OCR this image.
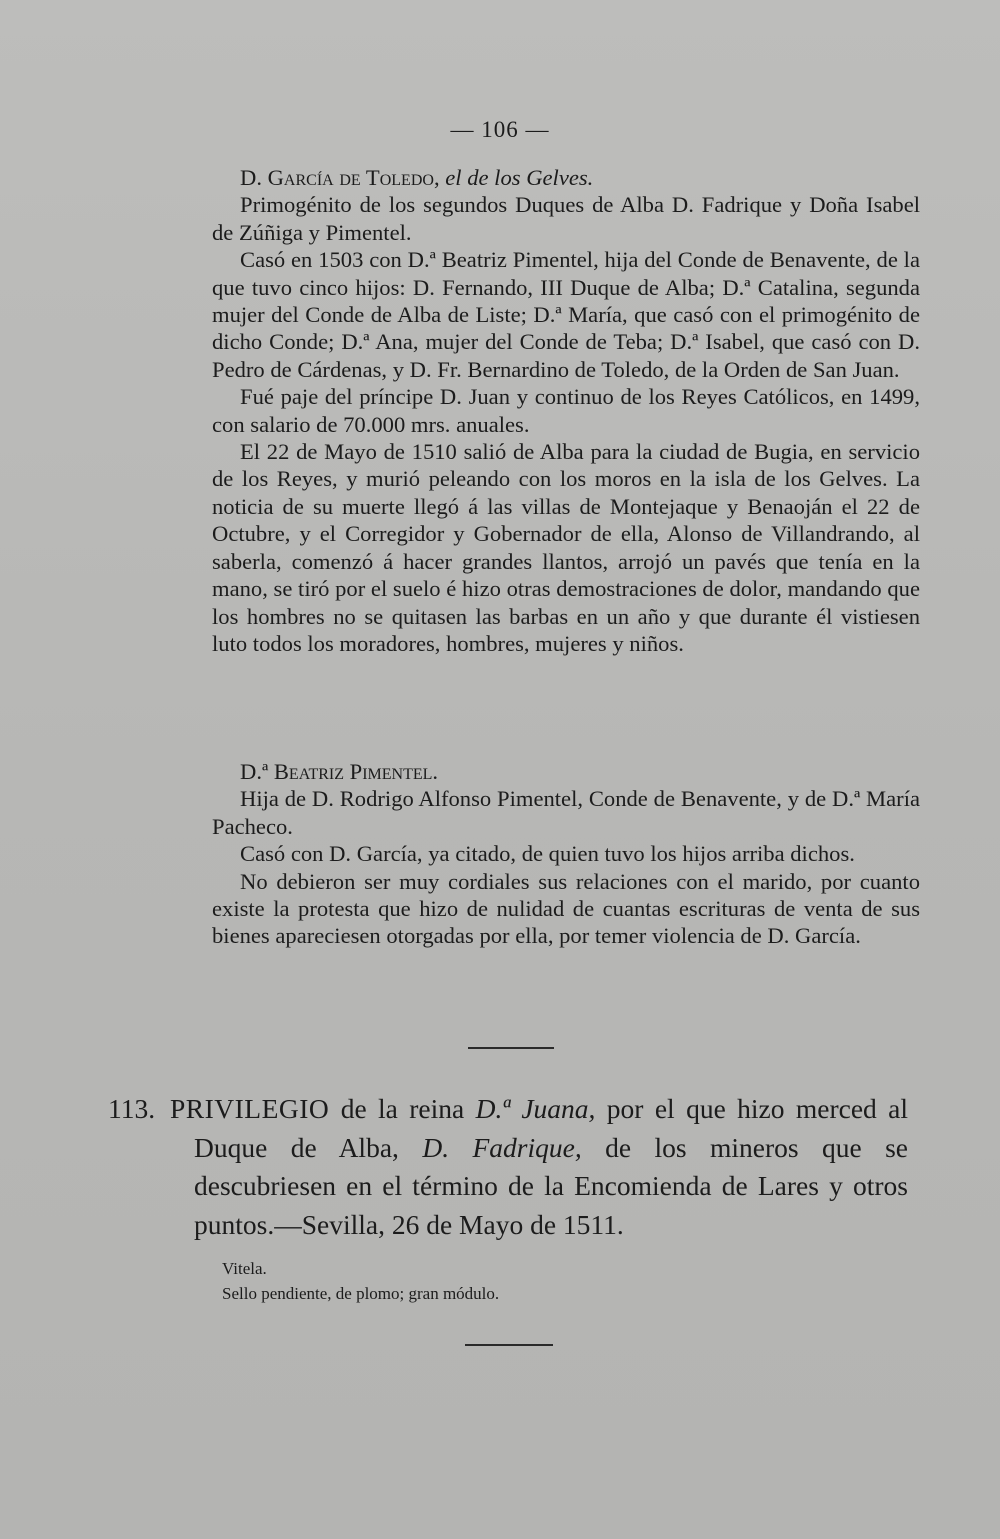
— 106 —

D. García de Toledo, el de los Gelves.

Primogénito de los segundos Duques de Alba D. Fadrique y Doña Isabel de Zúñiga y Pimentel.

Casó en 1503 con D.ª Beatriz Pimentel, hija del Conde de Benavente, de la que tuvo cinco hijos: D. Fernando, III Duque de Alba; D.ª Catalina, segunda mujer del Conde de Alba de Liste; D.ª María, que casó con el primogénito de dicho Conde; D.ª Ana, mujer del Conde de Teba; D.ª Isabel, que casó con D. Pedro de Cárdenas, y D. Fr. Bernardino de Toledo, de la Orden de San Juan.

Fué paje del príncipe D. Juan y continuo de los Reyes Católicos, en 1499, con salario de 70.000 mrs. anuales.

El 22 de Mayo de 1510 salió de Alba para la ciudad de Bugia, en servicio de los Reyes, y murió peleando con los moros en la isla de los Gelves. La noticia de su muerte llegó á las villas de Montejaque y Benaoján el 22 de Octubre, y el Corregidor y Gobernador de ella, Alonso de Villandrando, al saberla, comenzó á hacer grandes llantos, arrojó un pavés que tenía en la mano, se tiró por el suelo é hizo otras demostraciones de dolor, mandando que los hombres no se quitasen las barbas en un año y que durante él vistiesen luto todos los moradores, hombres, mujeres y niños.

D.ª Beatriz Pimentel.

Hija de D. Rodrigo Alfonso Pimentel, Conde de Benavente, y de D.ª María Pacheco.

Casó con D. García, ya citado, de quien tuvo los hijos arriba dichos.

No debieron ser muy cordiales sus relaciones con el marido, por cuanto existe la protesta que hizo de nulidad de cuantas escrituras de venta de sus bienes apareciesen otorgadas por ella, por temer violencia de D. García.

113. PRIVILEGIO de la reina D.ª Juana, por el que hizo merced al Duque de Alba, D. Fadrique, de los mineros que se descubriesen en el término de la Encomienda de Lares y otros puntos.—Sevilla, 26 de Mayo de 1511.

Vitela.

Sello pendiente, de plomo; gran módulo.
